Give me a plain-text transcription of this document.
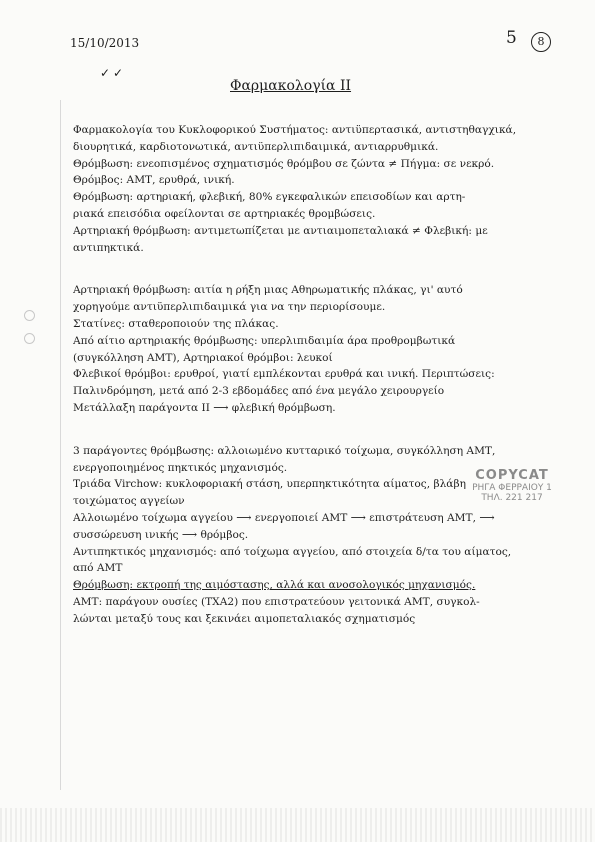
15/10/2013
✓✓
5	8
Φαρμακολογία II
Φαρμακολογία του Κυκλοφορικού Συστήματος: αντιϋπερτασικά, αντιστηθαγχικά,
διουρητικά, καρδιοτονωτικά, αντιϋπερλιπιδαιμικά, αντιαρρυθμικά.
Θρόμβωση: ενεοπισμένος σχηματισμός θρόμβου σε ζώντα ≠ Πήγμα: σε νεκρό.
Θρόμβος: ΑΜΤ, ερυθρά, ινική.
Θρόμβωση: αρτηριακή, φλεβική, 80% εγκεφαλικών επεισοδίων και αρτη-
ριακά επεισόδια οφείλονται σε αρτηριακές θρομβώσεις.
Αρτηριακή θρόμβωση: αντιμετωπίζεται με αντιαιμοπεταλιακά ≠ Φλεβική: με
αντιπηκτικά.
Αρτηριακή θρόμβωση: αιτία η ρήξη μιας Αθηρωματικής πλάκας, γι' αυτό
χορηγούμε αντιϋπερλιπιδαιμικά για να την περιορίσουμε.
Στατίνες: σταθεροποιούν της πλάκας.
Από αίτιο αρτηριακής θρόμβωσης: υπερλιπιδαιμία άρα προθρομβωτικά
(συγκόλληση ΑΜΤ), Αρτηριακοί θρόμβοι: λευκοί
Φλεβικοί θρόμβοι: ερυθροί, γιατί εμπλέκονται ερυθρά και ινική. Περιπτώσεις:
Παλινδρόμηση, μετά από 2-3 εβδομάδες από ένα μεγάλο χειρουργείο
Μετάλλαξη παράγοντα II ⟶ φλεβική θρόμβωση.
3 παράγοντες θρόμβωσης: αλλοιωμένο κυτταρικό τοίχωμα, συγκόλληση ΑΜΤ,
ενεργοποιημένος πηκτικός μηχανισμός.
Τριάδα Virchow: κυκλοφοριακή στάση, υπερπηκτικότητα αίματος, βλάβη
τοιχώματος αγγείων
Αλλοιωμένο τοίχωμα αγγείου ⟶ ενεργοποιεί ΑΜΤ ⟶ επιστράτευση ΑΜΤ, ⟶
συσσώρευση ινικής ⟶ θρόμβος.
Αντιπηκτικός μηχανισμός: από τοίχωμα αγγείου, από στοιχεία δ/τα του αίματος,
από ΑΜΤ
Θρόμβωση: εκτροπή της αιμόστασης, αλλά και ανοσολογικός μηχανισμός.
ΑΜΤ: παράγουν ουσίες (ΤΧΑ2) που επιστρατεύουν γειτονικά ΑΜΤ, συγκολ-
λώνται μεταξύ τους και ξεκινάει αιμοπεταλιακός σχηματισμός
COPYCAT
ΡΗΓΑ ΦΕΡΡΑΙΟΥ 1
ΤΗΛ. 221 217
